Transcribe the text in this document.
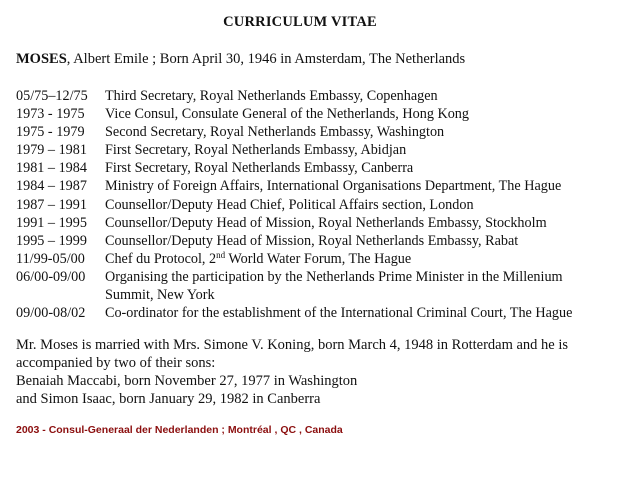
CURRICULUM VITAE
MOSES, Albert Emile ; Born April 30, 1946 in Amsterdam, The Netherlands
05/75–12/75	Third Secretary, Royal Netherlands Embassy, Copenhagen
1973 - 1975	Vice Consul, Consulate General of the Netherlands, Hong Kong
1975 - 1979	Second Secretary, Royal Netherlands Embassy, Washington
1979 – 1981	First Secretary, Royal Netherlands Embassy, Abidjan
1981 – 1984	First Secretary, Royal Netherlands Embassy, Canberra
1984 – 1987	Ministry of Foreign Affairs, International Organisations Department, The Hague
1987 – 1991	Counsellor/Deputy Head Chief, Political Affairs section, London
1991 – 1995	Counsellor/Deputy Head of Mission, Royal Netherlands Embassy, Stockholm
1995 – 1999	Counsellor/Deputy Head of Mission, Royal Netherlands Embassy, Rabat
11/99-05/00	Chef du Protocol, 2nd World Water Forum, The Hague
06/00-09/00	Organising the participation by the Netherlands Prime Minister in the Millenium Summit, New York
09/00-08/02	Co-ordinator for the establishment of the International Criminal Court, The Hague

Mr. Moses is married with Mrs. Simone V. Koning, born March 4, 1948 in Rotterdam and he is accompanied by two of their sons:

Benaiah Maccabi, born November 27, 1977 in Washington

and Simon Isaac, born January 29, 1982 in Canberra

2003 - Consul-Generaal der Nederlanden ; Montréal , QC , Canada
